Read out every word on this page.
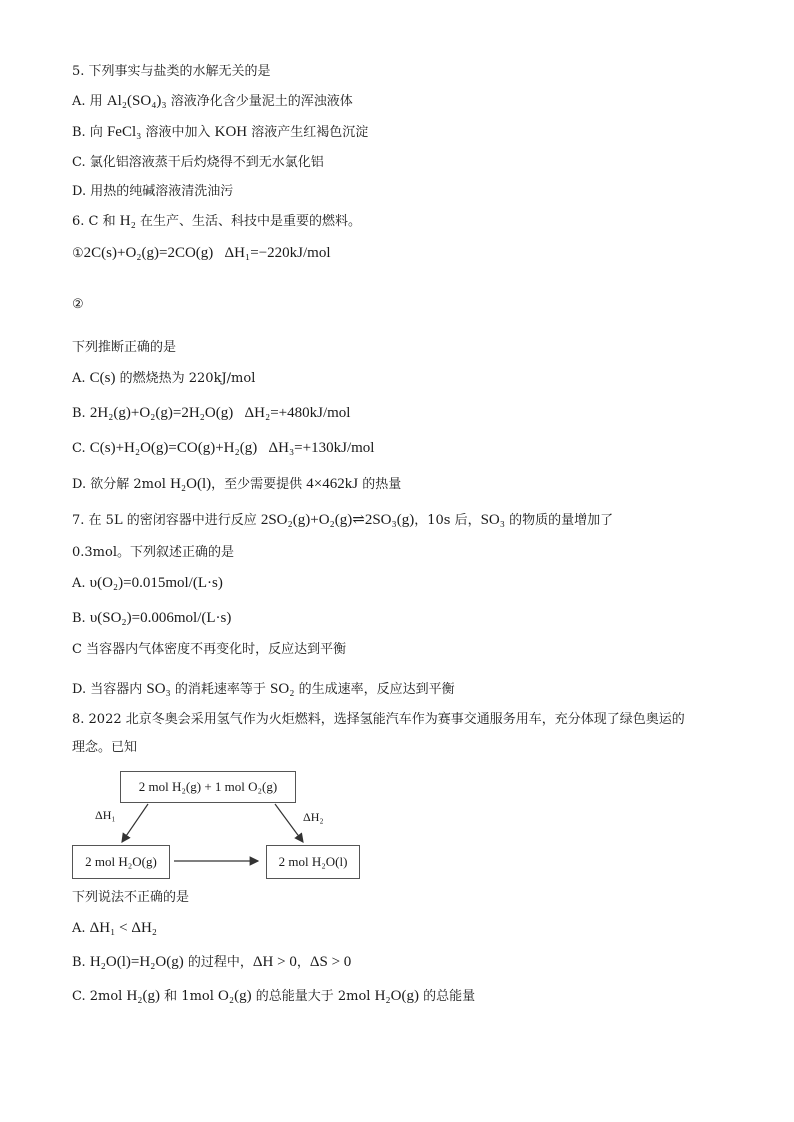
5. 下列事实与盐类的水解无关的是
A. 用 Al₂(SO₄)₃ 溶液净化含少量泥土的浑浊液体
B. 向 FeCl₃ 溶液中加入 KOH 溶液产生红褐色沉淀
C. 氯化铝溶液蒸干后灼烧得不到无水氯化铝
D. 用热的纯碱溶液清洗油污
6. C 和 H₂ 在生产、生活、科技中是重要的燃料。
①2C(s)+O₂(g)=2CO(g)   ΔH₁=−220kJ/mol
②
下列推断正确的是
A. C(s) 的燃烧热为 220kJ/mol
B. 2H₂(g)+O₂(g)=2H₂O(g)   ΔH₂=+480kJ/mol
C. C(s)+H₂O(g)=CO(g)+H₂(g)   ΔH₃=+130kJ/mol
D. 欲分解 2mol H₂O(l)，至少需要提供 4×462kJ 的热量
7. 在 5L 的密闭容器中进行反应 2SO₂(g)+O₂(g)⇌2SO₃(g)，10s 后，SO₃ 的物质的量增加了
0.3mol。下列叙述正确的是
A. υ(O₂)=0.015mol/(L·s)
B. υ(SO₂)=0.006mol/(L·s)
C 当容器内气体密度不再变化时，反应达到平衡
D. 当容器内 SO₃ 的消耗速率等于 SO₂ 的生成速率，反应达到平衡
8. 2022 北京冬奥会采用氢气作为火炬燃料，选择氢能汽车作为赛事交通服务用车，充分体现了绿色奥运的
理念。已知
2 mol H₂(g) + 1 mol O₂(g)
2 mol H₂O(g)	2 mol H₂O(l)
ΔH₁	ΔH₂
下列说法不正确的是
A. ΔH₁ < ΔH₂
B. H₂O(l)=H₂O(g) 的过程中，ΔH > 0，ΔS > 0
C. 2mol H₂(g) 和 1mol O₂(g) 的总能量大于 2mol H₂O(g) 的总能量
